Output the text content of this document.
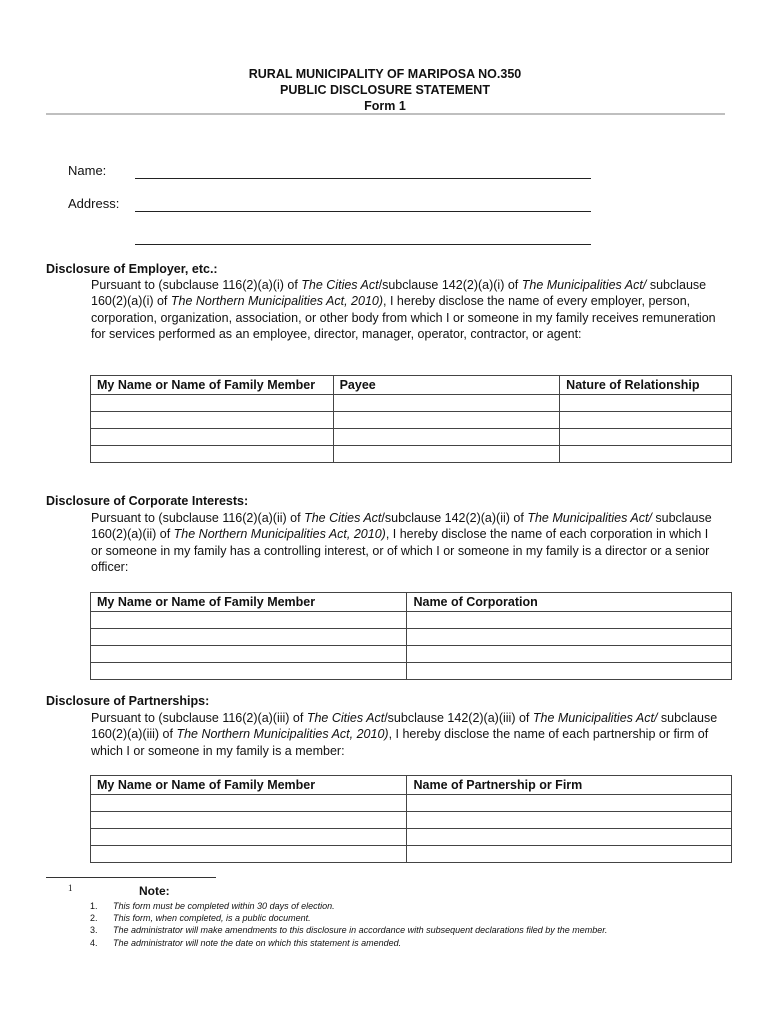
RURAL MUNICIPALITY OF MARIPOSA NO.350
PUBLIC DISCLOSURE STATEMENT
Form 1
Name:
Address:
Disclosure of Employer, etc.:
Pursuant to (subclause 116(2)(a)(i) of The Cities Act/subclause 142(2)(a)(i) of The Municipalities Act/ subclause 160(2)(a)(i) of The Northern Municipalities Act, 2010), I hereby disclose the name of every employer, person, corporation, organization, association, or other body from which I or someone in my family receives remuneration for services performed as an employee, director, manager, operator, contractor, or agent:
My Name or Name of Family Member	Payee	Nature of Relationship

Disclosure of Corporate Interests:
Pursuant to (subclause 116(2)(a)(ii) of The Cities Act/subclause 142(2)(a)(ii) of The Municipalities Act/ subclause 160(2)(a)(ii) of The Northern Municipalities Act, 2010), I hereby disclose the name of each corporation in which I or someone in my family has a controlling interest, or of which I or someone in my family is a director or a senior officer:
My Name or Name of Family Member	Name of Corporation

Disclosure of Partnerships:
Pursuant to (subclause 116(2)(a)(iii) of The Cities Act/subclause 142(2)(a)(iii) of The Municipalities Act/ subclause 160(2)(a)(iii) of The Northern Municipalities Act, 2010), I hereby disclose the name of each partnership or firm of which I or someone in my family is a member:
My Name or Name of Family Member	Name of Partnership or Firm

1	Note:
1. This form must be completed within 30 days of election.
2. This form, when completed, is a public document.
3. The administrator will make amendments to this disclosure in accordance with subsequent declarations filed by the member.
4. The administrator will note the date on which this statement is amended.
